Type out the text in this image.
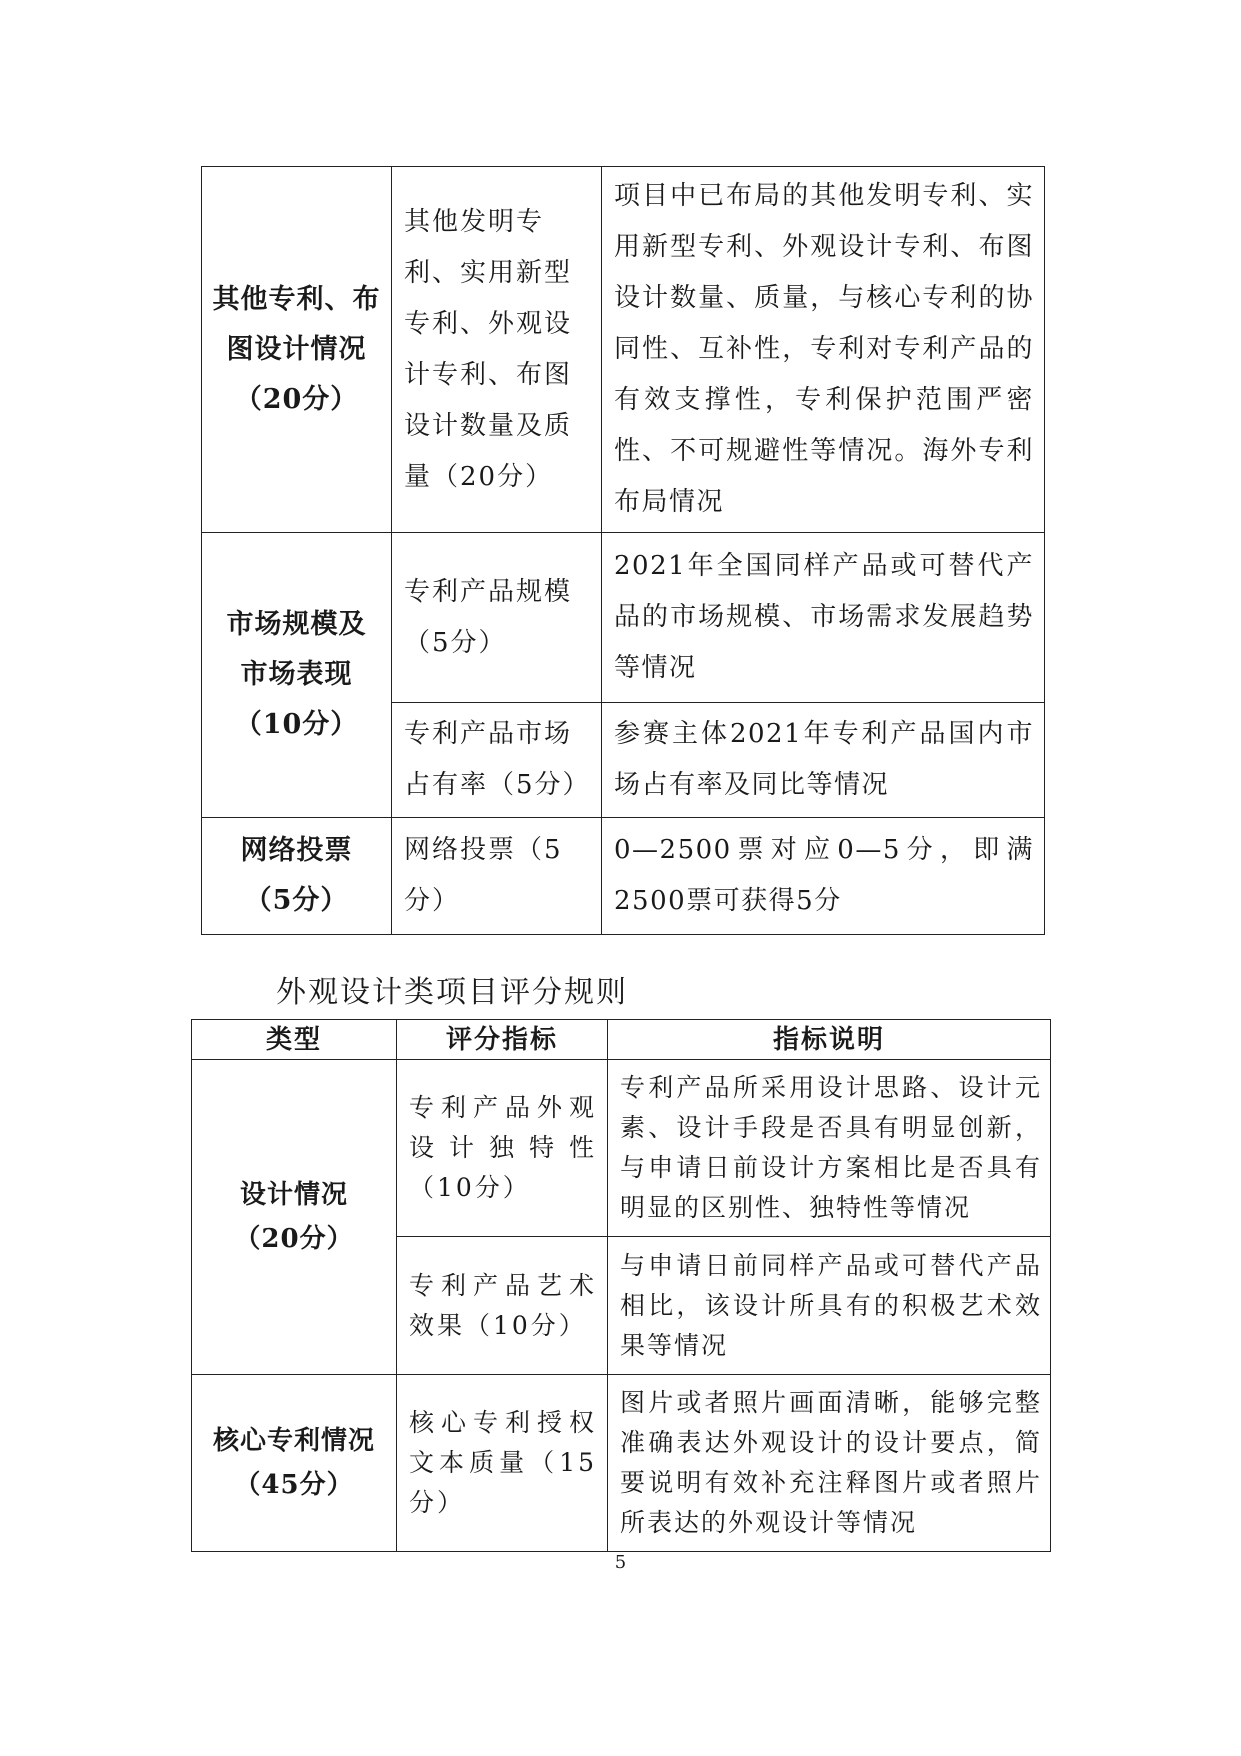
其他专利、布
图设计情况
（20分）	其他发明专利、实用新型专利、外观设计专利、布图设计数量及质量（20分）	项目中已布局的其他发明专利、实用新型专利、外观设计专利、布图设计数量、质量，与核心专利的协同性、互补性，专利对专利产品的有效支撑性，专利保护范围严密性、不可规避性等情况。海外专利布局情况

市场规模及
市场表现
（10分）	专利产品规模（5分）	2021年全国同样产品或可替代产品的市场规模、市场需求发展趋势等情况
	专利产品市场占有率（5分）	参赛主体2021年专利产品国内市场占有率及同比等情况

网络投票
（5分）	网络投票（5分）	0—2500票对应0—5分，即满2500票可获得5分
外观设计类项目评分规则
类型	评分指标	指标说明

设计情况
（20分）	专利产品外观设计独特性（10分）	专利产品所采用设计思路、设计元素、设计手段是否具有明显创新，与申请日前设计方案相比是否具有明显的区别性、独特性等情况
	专利产品艺术效果（10分）	与申请日前同样产品或可替代产品相比，该设计所具有的积极艺术效果等情况

核心专利情况
（45分）	核心专利授权文本质量（15分）	图片或者照片画面清晰，能够完整准确表达外观设计的设计要点，简要说明有效补充注释图片或者照片所表达的外观设计等情况
5
